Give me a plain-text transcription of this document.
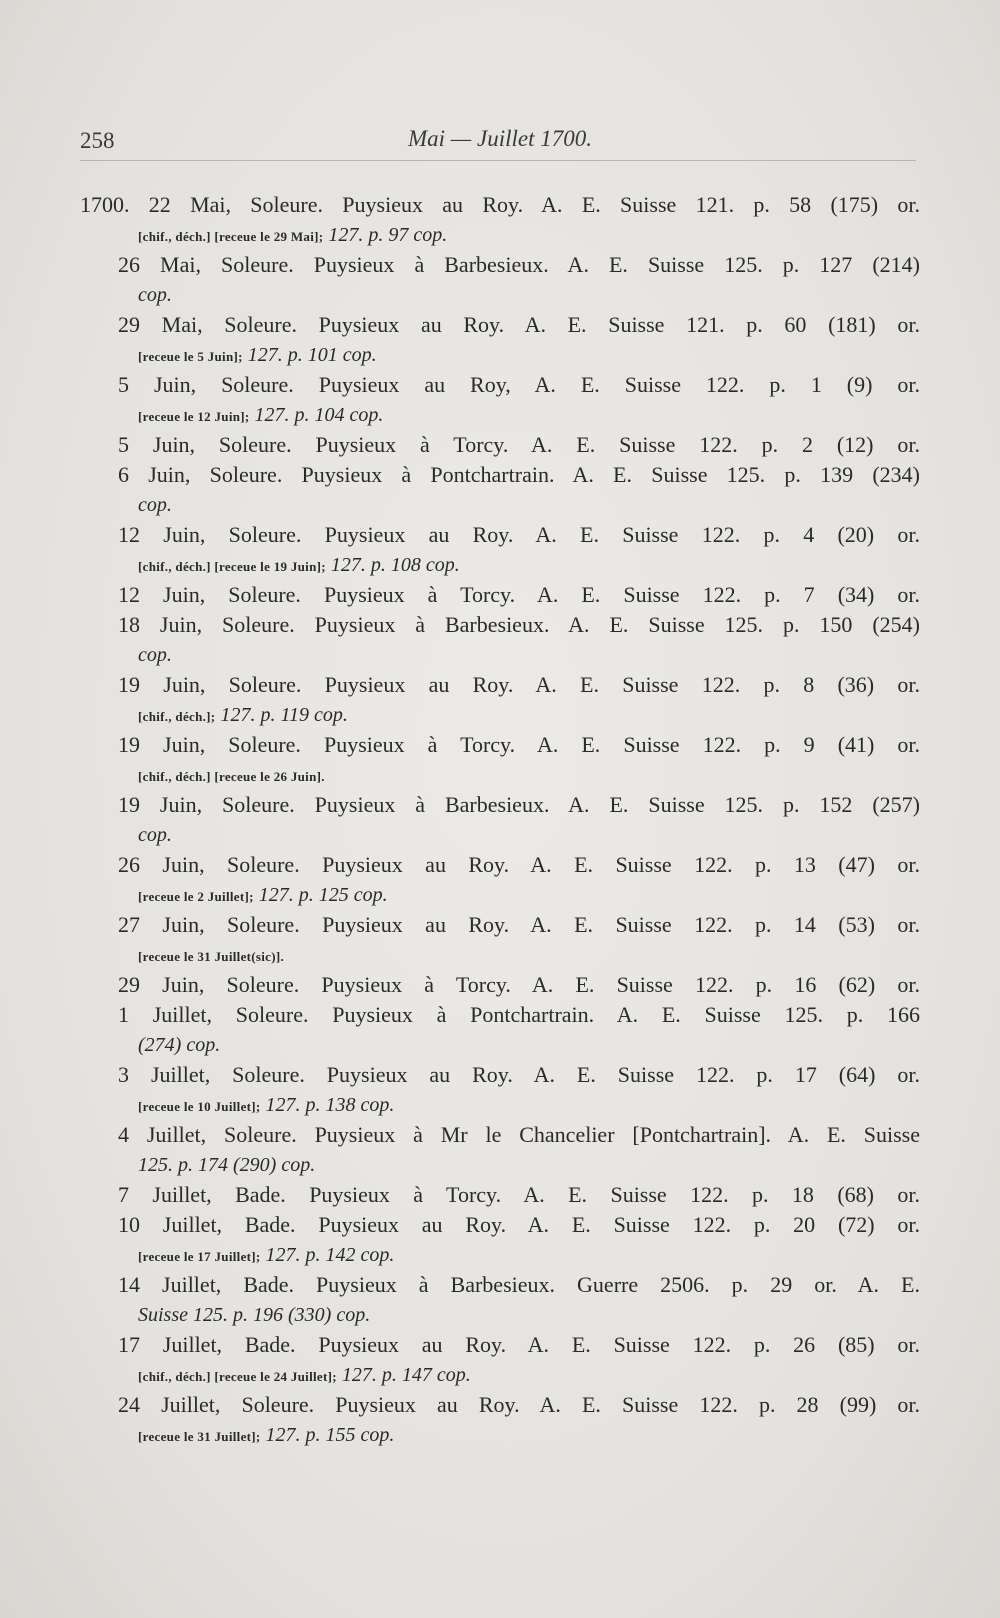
258	Mai — Juillet 1700.
1700. 22 Mai, Soleure. Puysieux au Roy. A. E. Suisse 121. p. 58 (175) or.
[chif., déch.] [receue le 29 Mai]; 127. p. 97 cop.
26 Mai, Soleure. Puysieux à Barbesieux. A. E. Suisse 125. p. 127 (214)
cop.
29 Mai, Soleure. Puysieux au Roy. A. E. Suisse 121. p. 60 (181) or.
[receue le 5 Juin]; 127. p. 101 cop.
5 Juin, Soleure. Puysieux au Roy, A. E. Suisse 122. p. 1 (9) or.
[receue le 12 Juin]; 127. p. 104 cop.
5 Juin, Soleure. Puysieux à Torcy. A. E. Suisse 122. p. 2 (12) or.
6 Juin, Soleure. Puysieux à Pontchartrain. A. E. Suisse 125. p. 139 (234)
cop.
12 Juin, Soleure. Puysieux au Roy. A. E. Suisse 122. p. 4 (20) or.
[chif., déch.] [receue le 19 Juin]; 127. p. 108 cop.
12 Juin, Soleure. Puysieux à Torcy. A. E. Suisse 122. p. 7 (34) or.
18 Juin, Soleure. Puysieux à Barbesieux. A. E. Suisse 125. p. 150 (254)
cop.
19 Juin, Soleure. Puysieux au Roy. A. E. Suisse 122. p. 8 (36) or.
[chif., déch.]; 127. p. 119 cop.
19 Juin, Soleure. Puysieux à Torcy. A. E. Suisse 122. p. 9 (41) or.
[chif., déch.] [receue le 26 Juin].
19 Juin, Soleure. Puysieux à Barbesieux. A. E. Suisse 125. p. 152 (257)
cop.
26 Juin, Soleure. Puysieux au Roy. A. E. Suisse 122. p. 13 (47) or.
[receue le 2 Juillet]; 127. p. 125 cop.
27 Juin, Soleure. Puysieux au Roy. A. E. Suisse 122. p. 14 (53) or.
[receue le 31 Juillet(sic)].
29 Juin, Soleure. Puysieux à Torcy. A. E. Suisse 122. p. 16 (62) or.
1 Juillet, Soleure. Puysieux à Pontchartrain. A. E. Suisse 125. p. 166
(274) cop.
3 Juillet, Soleure. Puysieux au Roy. A. E. Suisse 122. p. 17 (64) or.
[receue le 10 Juillet]; 127. p. 138 cop.
4 Juillet, Soleure. Puysieux à Mr le Chancelier [Pontchartrain]. A. E. Suisse
125. p. 174 (290) cop.
7 Juillet, Bade. Puysieux à Torcy. A. E. Suisse 122. p. 18 (68) or.
10 Juillet, Bade. Puysieux au Roy. A. E. Suisse 122. p. 20 (72) or.
[receue le 17 Juillet]; 127. p. 142 cop.
14 Juillet, Bade. Puysieux à Barbesieux. Guerre 2506. p. 29 or. A. E.
Suisse 125. p. 196 (330) cop.
17 Juillet, Bade. Puysieux au Roy. A. E. Suisse 122. p. 26 (85) or.
[chif., déch.] [receue le 24 Juillet]; 127. p. 147 cop.
24 Juillet, Soleure. Puysieux au Roy. A. E. Suisse 122. p. 28 (99) or.
[receue le 31 Juillet]; 127. p. 155 cop.
